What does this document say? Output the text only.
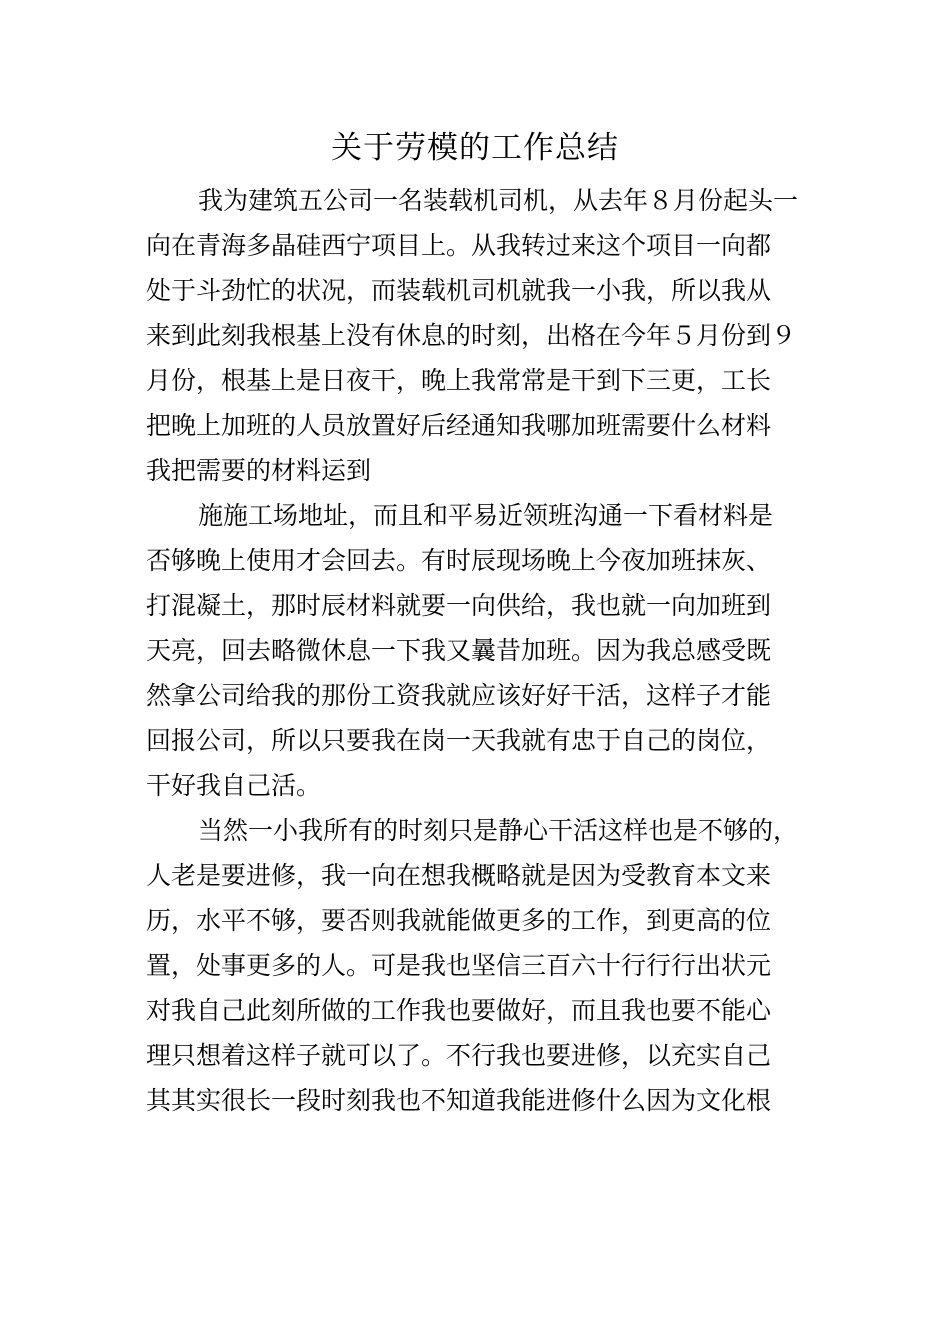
关于劳模的工作总结

我为建筑五公司一名装载机司机，从去年８月份起头一
向在青海多晶硅西宁项目上。从我转过来这个项目一向都
处于斗劲忙的状况，而装载机司机就我一小我，所以我从
来到此刻我根基上没有休息的时刻，出格在今年５月份到９
月份，根基上是日夜干，晚上我常常是干到下三更，工长
把晚上加班的人员放置好后经通知我哪加班需要什么材料
我把需要的材料运到

施施工场地址，而且和平易近领班沟通一下看材料是
否够晚上使用才会回去。有时辰现场晚上今夜加班抹灰、
打混凝土，那时辰材料就要一向供给，我也就一向加班到
天亮，回去略微休息一下我又曩昔加班。因为我总感受既
然拿公司给我的那份工资我就应该好好干活，这样子才能
回报公司，所以只要我在岗一天我就有忠于自己的岗位，
干好我自己活。

当然一小我所有的时刻只是静心干活这样也是不够的，
人老是要进修，我一向在想我概略就是因为受教育本文来
历，水平不够，要否则我就能做更多的工作，到更高的位
置，处事更多的人。可是我也坚信三百六十行行行出状元
对我自己此刻所做的工作我也要做好，而且我也要不能心
理只想着这样子就可以了。不行我也要进修，以充实自己
其其实很长一段时刻我也不知道我能进修什么因为文化根
